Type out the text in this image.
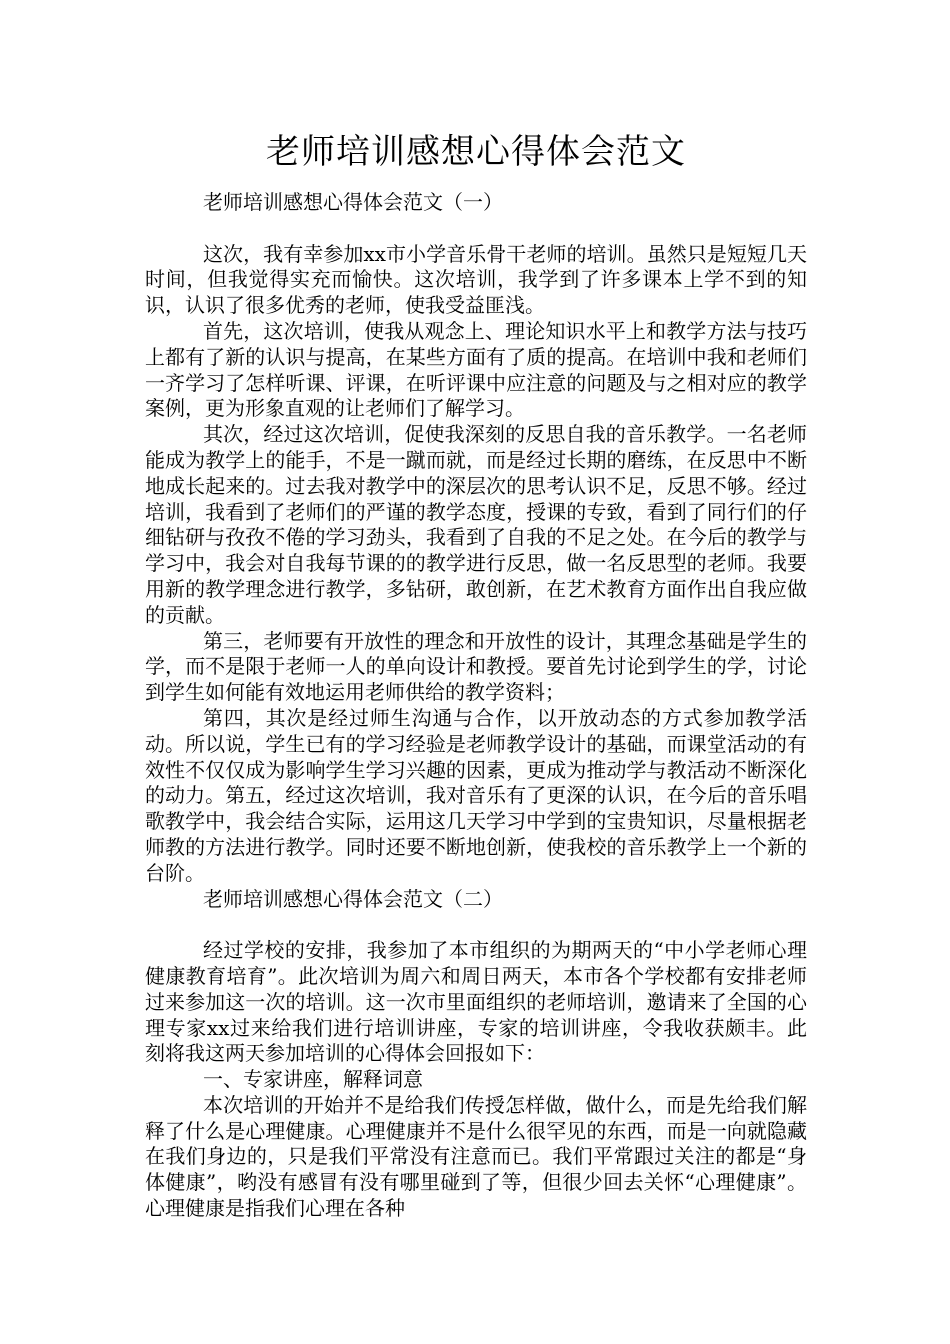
老师培训感想心得体会范文

老师培训感想心得体会范文（一）

这次，我有幸参加xx市小学音乐骨干老师的培训。虽然只是短短几天时间，但我觉得实充而愉快。这次培训，我学到了许多课本上学不到的知识，认识了很多优秀的老师，使我受益匪浅。

首先，这次培训，使我从观念上、理论知识水平上和教学方法与技巧上都有了新的认识与提高，在某些方面有了质的提高。在培训中我和老师们一齐学习了怎样听课、评课，在听评课中应注意的问题及与之相对应的教学案例，更为形象直观的让老师们了解学习。

其次，经过这次培训，促使我深刻的反思自我的音乐教学。一名老师能成为教学上的能手，不是一蹴而就，而是经过长期的磨练，在反思中不断地成长起来的。过去我对教学中的深层次的思考认识不足，反思不够。经过培训，我看到了老师们的严谨的教学态度，授课的专致，看到了同行们的仔细钻研与孜孜不倦的学习劲头，我看到了自我的不足之处。在今后的教学与学习中，我会对自我每节课的的教学进行反思，做一名反思型的老师。我要用新的教学理念进行教学，多钻研，敢创新，在艺术教育方面作出自我应做的贡献。

第三，老师要有开放性的理念和开放性的设计，其理念基础是学生的学，而不是限于老师一人的单向设计和教授。要首先讨论到学生的学，讨论到学生如何能有效地运用老师供给的教学资料；

第四，其次是经过师生沟通与合作，以开放动态的方式参加教学活动。所以说，学生已有的学习经验是老师教学设计的基础，而课堂活动的有效性不仅仅成为影响学生学习兴趣的因素，更成为推动学与教活动不断深化的动力。第五，经过这次培训，我对音乐有了更深的认识，在今后的音乐唱歌教学中，我会结合实际，运用这几天学习中学到的宝贵知识，尽量根据老师教的方法进行教学。同时还要不断地创新，使我校的音乐教学上一个新的台阶。

老师培训感想心得体会范文（二）

经过学校的安排，我参加了本市组织的为期两天的“中小学老师心理健康教育培育”。此次培训为周六和周日两天，本市各个学校都有安排老师过来参加这一次的培训。这一次市里面组织的老师培训，邀请来了全国的心理专家xx过来给我们进行培训讲座，专家的培训讲座，令我收获颇丰。此刻将我这两天参加培训的心得体会回报如下：

一、专家讲座，解释词意

本次培训的开始并不是给我们传授怎样做，做什么，而是先给我们解释了什么是心理健康。心理健康并不是什么很罕见的东西，而是一向就隐藏在我们身边的，只是我们平常没有注意而已。我们平常跟过关注的都是“身体健康”，哟没有感冒有没有哪里碰到了等，但很少回去关怀“心理健康”。心理健康是指我们心理在各种
